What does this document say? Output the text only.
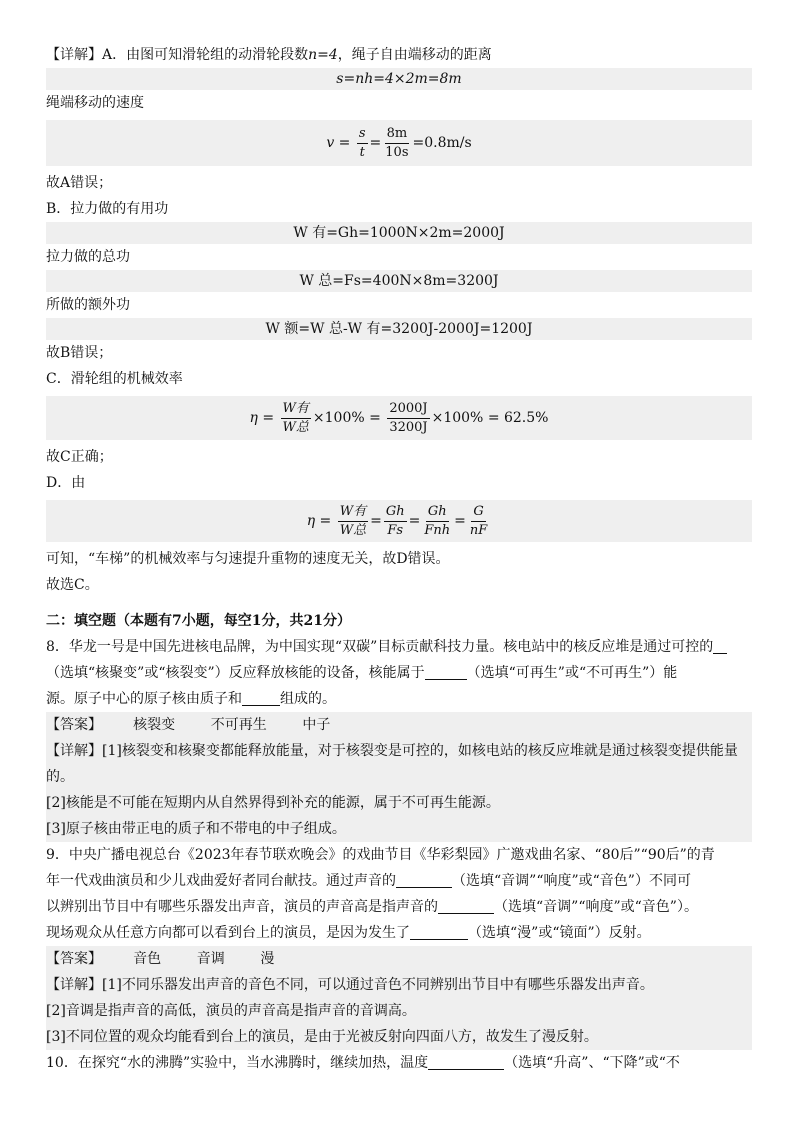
【详解】A．由图可知滑轮组的动滑轮段数n=4，绳子自由端移动的距离
s=nh=4×2m=8m
绳端移动的速度
$v = \frac{s}{t} = \frac{8m}{10s} =0.8m/s$
故A错误；
B．拉力做的有用功
W 有=Gh=1000N×2m=2000J
拉力做的总功
W 总=Fs=400N×8m=3200J
所做的额外功
W 额=W 总-W 有=3200J-2000J=1200J
故B错误；
C．滑轮组的机械效率
η =
$\frac{\text{W有}}{\text{W总}} \times 100\%$ =
$\frac{2000J}{3200J} \times 100\% = 62.5\%$
故C正确；
D．由
η =
$\frac{\text{W有}}{\text{W总}} = \frac{Gh}{Fs} = \frac{Gh}{\text{Fnh}} = \frac{G}{nF}$
可知，“车梯”的机械效率与匀速提升重物的速度无关，故D错误。
故选C。
二：填空题（本题有7小题，每空1分，共21分）
8．华龙一号是中国先进核电品牌，为中国实现“双碳”目标贡献科技力量。核电站中的核反应堆是通过可控的
（选填“核聚变”或“核裂变”）反应释放核能的设备，核能属于	（选填“可再生”或“不可再生”）能
源。原子中心的原子核由质子和	组成的。
【答案】
核裂变
	不可再生
	中子
【详解】[1]核裂变和核聚变都能释放能量，对于核裂变是可控的，如核电站的核反应堆就是通过核裂变提供能量
的。
[2]核能是不可能在短期内从自然界得到补充的能源，属于不可再生能源。
[3]原子核由带正电的质子和不带电的中子组成。
9．中央广播电视总台《2023年春节联欢晚会》的戏曲节目《华彩梨园》广邀戏曲名家、“80后”“90后”的青
年一代戏曲演员和少儿戏曲爱好者同台献技。通过声音的	（选填“音调”“响度”或“音色”）不同可
以辨别出节目中有哪些乐器发出声音，演员的声音高是指声音的	（选填“音调”“响度”或“音色”）。
现场观众从任意方向都可以看到台上的演员，是因为发生了	（选填“漫”或“镜面”）反射。
【答案】
音色
	音调
	漫
【详解】[1]不同乐器发出声音的音色不同，可以通过音色不同辨别出节目中有哪些乐器发出声音。
[2]音调是指声音的高低，演员的声音高是指声音的音调高。
[3]不同位置的观众均能看到台上的演员，是由于光被反射向四面八方，故发生了漫反射。
10．在探究“水的沸腾”实验中，当水沸腾时，继续加热，温度	（选填“升高”、“下降”或“不
